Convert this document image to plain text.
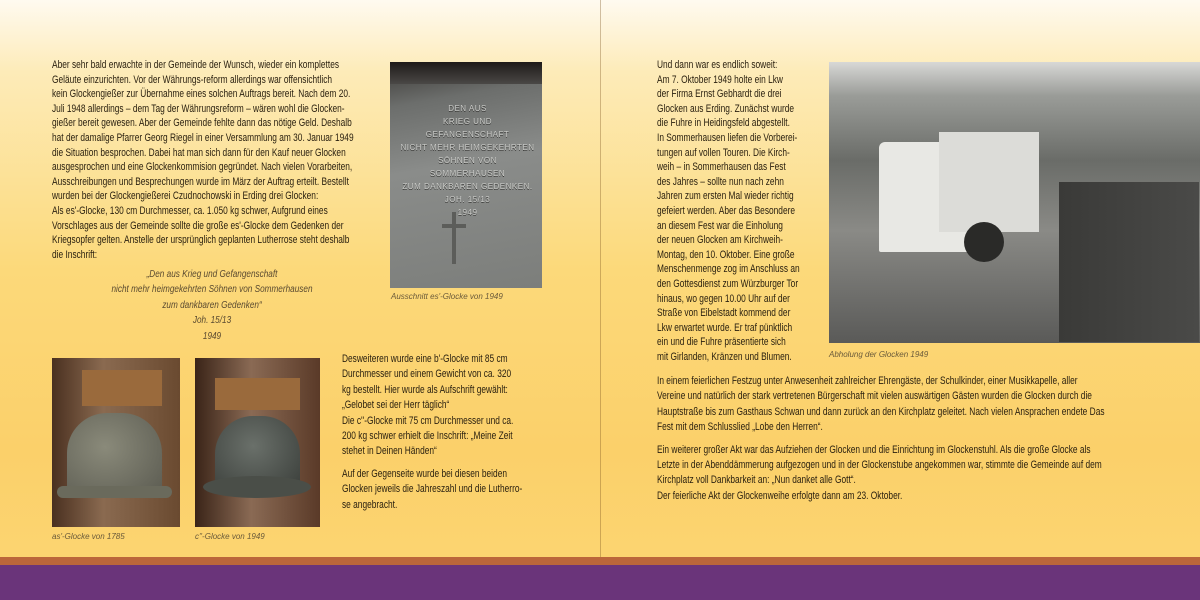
Aber sehr bald erwachte in der Gemeinde der Wunsch, wieder ein komplettes
Geläute einzurichten. Vor der Währungs-reform allerdings war offensichtlich
kein Glockengießer zur Übernahme eines solchen Auftrags bereit. Nach dem 20.
Juli 1948 allerdings – dem Tag der Währungsreform – wären wohl die Glocken-
gießer bereit gewesen. Aber der Gemeinde fehlte dann das nötige Geld. Deshalb
hat der damalige Pfarrer Georg Riegel in einer Versammlung am 30. Januar 1949
die Situation besprochen. Dabei hat man sich dann für den Kauf neuer Glocken
ausgesprochen und eine Glockenkommision gegründet. Nach vielen Vorarbeiten,
Ausschreibungen und Besprechungen wurde im März der Auftrag erteilt. Bestellt
wurden bei der Glockengießerei Czudnochowski in Erding drei Glocken:
Als es'-Glocke, 130 cm Durchmesser, ca. 1.050 kg schwer, Aufgrund eines
Vorschlages aus der Gemeinde sollte die große es'-Glocke dem Gedenken der
Kriegsopfer gelten. Anstelle der ursprünglich geplanten Lutherrose steht deshalb
die Inschrift:
„Den aus Krieg und Gefangenschaft
nicht mehr heimgekehrten Söhnen von Sommerhausen
zum dankbaren Gedenken“
Joh. 15/13
1949
DEN AUS
KRIEG UND GEFANGENSCHAFT
NICHT MEHR HEIMGEKEHRTEN
SÖHNEN VON SOMMERHAUSEN
ZUM DANKBAREN GEDENKEN.
JOH. 15/13
1949
Ausschnitt es'-Glocke von 1949
as'-Glocke von 1785	c''-Glocke von 1949
Desweiteren wurde eine b'-Glocke mit 85 cm
Durchmesser und einem Gewicht von ca. 320
kg bestellt. Hier wurde als Aufschrift gewählt:
„Gelobet sei der Herr täglich“
Die c''-Glocke mit 75 cm Durchmesser und ca.
200 kg schwer erhielt die Inschrift: „Meine Zeit
stehet in Deinen Händen“
Auf der Gegenseite wurde bei diesen beiden
Glocken jeweils die Jahreszahl und die Lutherro-
se angebracht.
Und dann war es endlich soweit:
Am 7. Oktober 1949 holte ein Lkw
der Firma Ernst Gebhardt die drei
Glocken aus Erding. Zunächst wurde
die Fuhre in Heidingsfeld abgestellt.
In Sommerhausen liefen die Vorberei-
tungen auf vollen Touren. Die Kirch-
weih – in Sommerhausen das Fest
des Jahres – sollte nun nach zehn
Jahren zum ersten Mal wieder richtig
gefeiert werden. Aber das Besondere
an diesem Fest war die Einholung
der neuen Glocken am Kirchweih-
Montag, den 10. Oktober. Eine große
Menschenmenge zog im Anschluss an
den Gottesdienst zum Würzburger Tor
hinaus, wo gegen 10.00 Uhr auf der
Straße von Eibelstadt kommend der
Lkw erwartet wurde. Er traf pünktlich
ein und die Fuhre präsentierte sich
mit Girlanden, Kränzen und Blumen.	Abholung der Glocken 1949
In einem feierlichen Festzug unter Anwesenheit zahlreicher Ehrengäste, der Schulkinder, einer Musikkapelle, aller
Vereine und natürlich der stark vertretenen Bürgerschaft mit vielen auswärtigen Gästen wurden die Glocken durch die
Hauptstraße bis zum Gasthaus Schwan und dann zurück an den Kirchplatz geleitet. Nach vielen Ansprachen endete Das
Fest mit dem Schlusslied „Lobe den Herren“.
Ein weiterer großer Akt war das Aufziehen der Glocken und die Einrichtung im Glockenstuhl. Als die große Glocke als
Letzte in der Abenddämmerung aufgezogen und in der Glockenstube angekommen war, stimmte die Gemeinde auf dem
Kirchplatz voll Dankbarkeit an: „Nun danket alle Gott“.
Der feierliche Akt der Glockenweihe erfolgte dann am 23. Oktober.
